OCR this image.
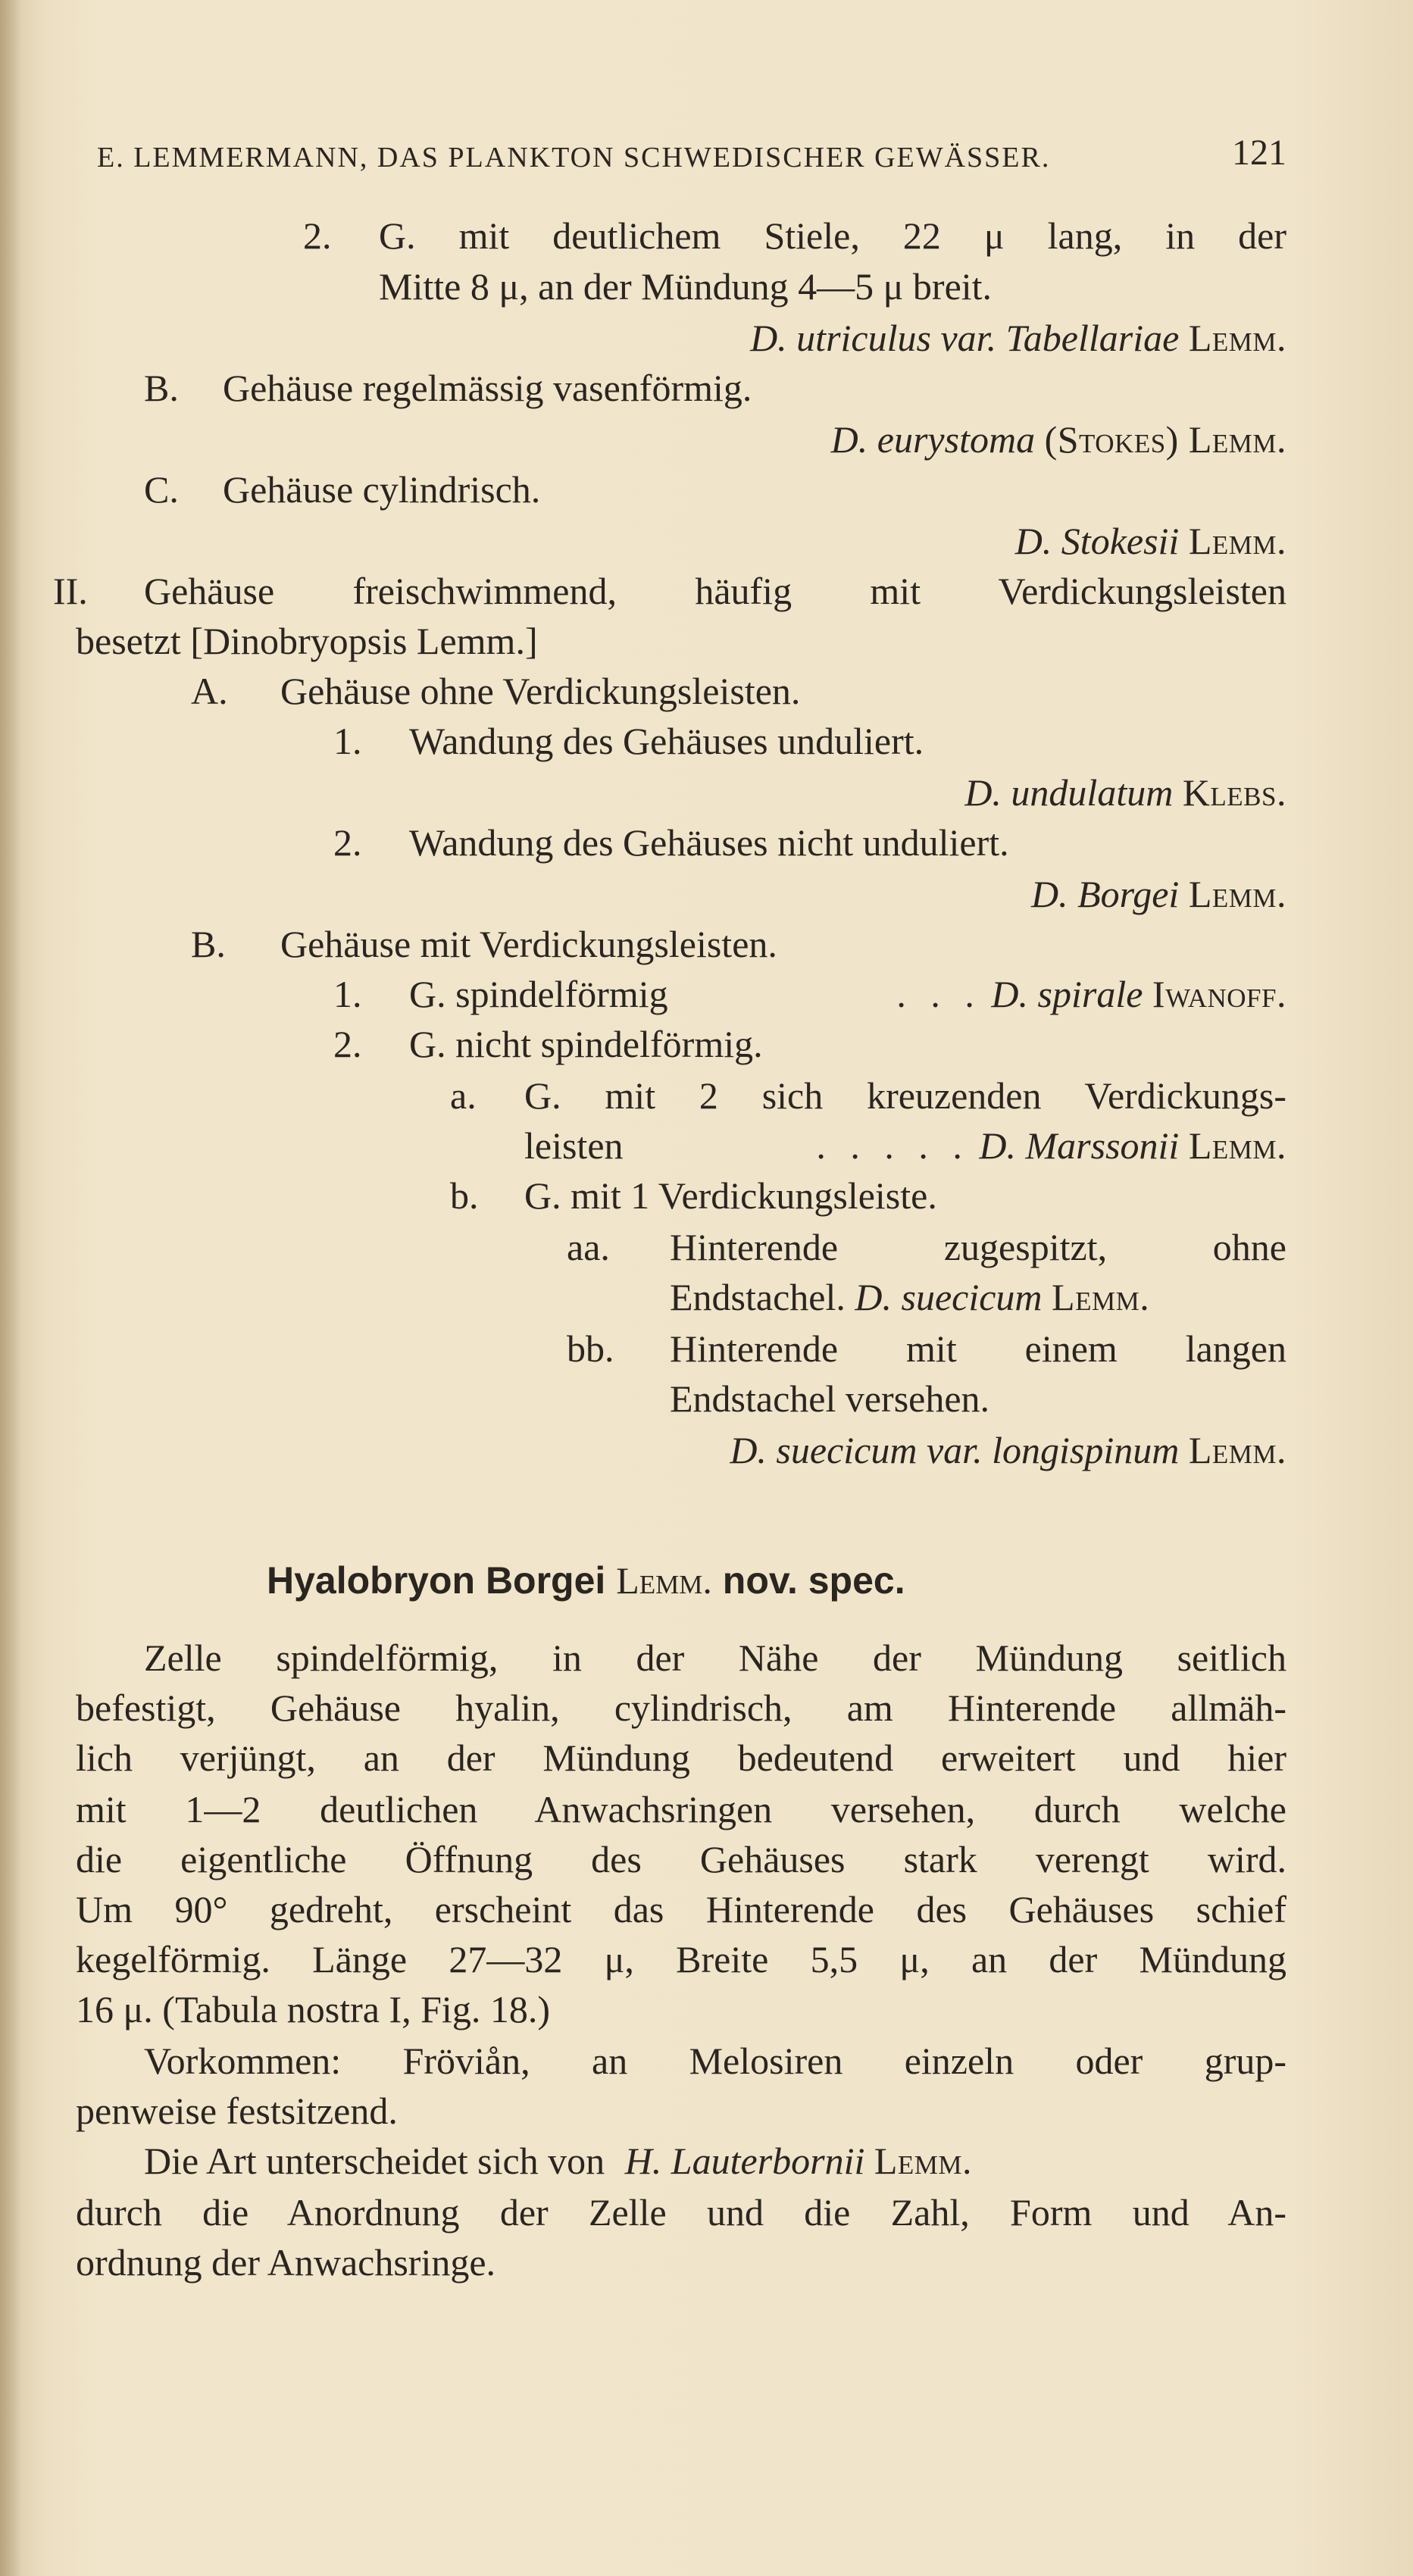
E. LEMMERMANN, DAS PLANKTON SCHWEDISCHER GEWÄSSER.	121
2. G. mit deutlichem Stiele, 22 μ lang, in der
Mitte 8 μ, an der Mündung 4—5 μ breit.
D. utriculus var. Tabellariae Lemm.
B. Gehäuse regelmässig vasenförmig.
D. eurystoma (Stokes) Lemm.
C. Gehäuse cylindrisch.
D. Stokesii Lemm.
II. Gehäuse freischwimmend, häufig mit Verdickungsleisten
besetzt [Dinobryopsis Lemm.]
A. Gehäuse ohne Verdickungsleisten.
1. Wandung des Gehäuses unduliert.
D. undulatum Klebs.
2. Wandung des Gehäuses nicht unduliert.
D. Borgei Lemm.
B. Gehäuse mit Verdickungsleisten.
1. G. spindelförmig	. . . D. spirale Iwanoff.
2. G. nicht spindelförmig.
a. G. mit 2 sich kreuzenden Verdickungs-
leisten	. . . . . D. Marssonii Lemm.
b. G. mit 1 Verdickungsleiste.
aa. Hinterende zugespitzt, ohne
Endstachel. D. suecicum Lemm.
bb. Hinterende mit einem langen
Endstachel versehen.
D. suecicum var. longispinum Lemm.
Hyalobryon Borgei Lemm. nov. spec.
Zelle spindelförmig, in der Nähe der Mündung seitlich
befestigt, Gehäuse hyalin, cylindrisch, am Hinterende allmäh-
lich verjüngt, an der Mündung bedeutend erweitert und hier
mit 1—2 deutlichen Anwachsringen versehen, durch welche
die eigentliche Öffnung des Gehäuses stark verengt wird.
Um 90° gedreht, erscheint das Hinterende des Gehäuses schief
kegelförmig. Länge 27—32 μ, Breite 5,5 μ, an der Mündung
16 μ. (Tabula nostra I, Fig. 18.)
Vorkommen: Fröviån, an Melosiren einzeln oder grup-
penweise festsitzend.
Die Art unterscheidet sich von H. Lauterbornii Lemm.
durch die Anordnung der Zelle und die Zahl, Form und An-
ordnung der Anwachsringe.
